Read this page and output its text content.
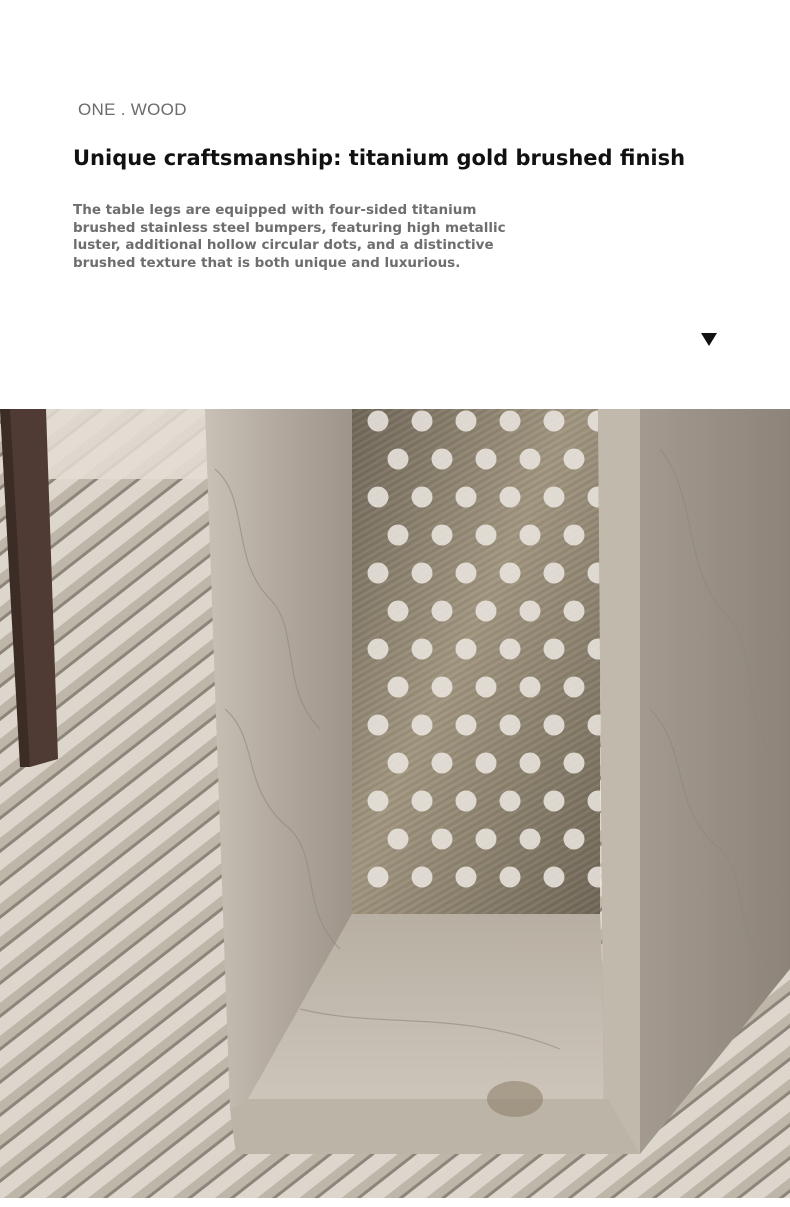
ONE . WOOD
Unique craftsmanship: titanium gold brushed finish
The table legs are equipped with four-sided titanium brushed stainless steel bumpers, featuring high metallic luster, additional hollow circular dots, and a distinctive brushed texture that is both unique and luxurious.
